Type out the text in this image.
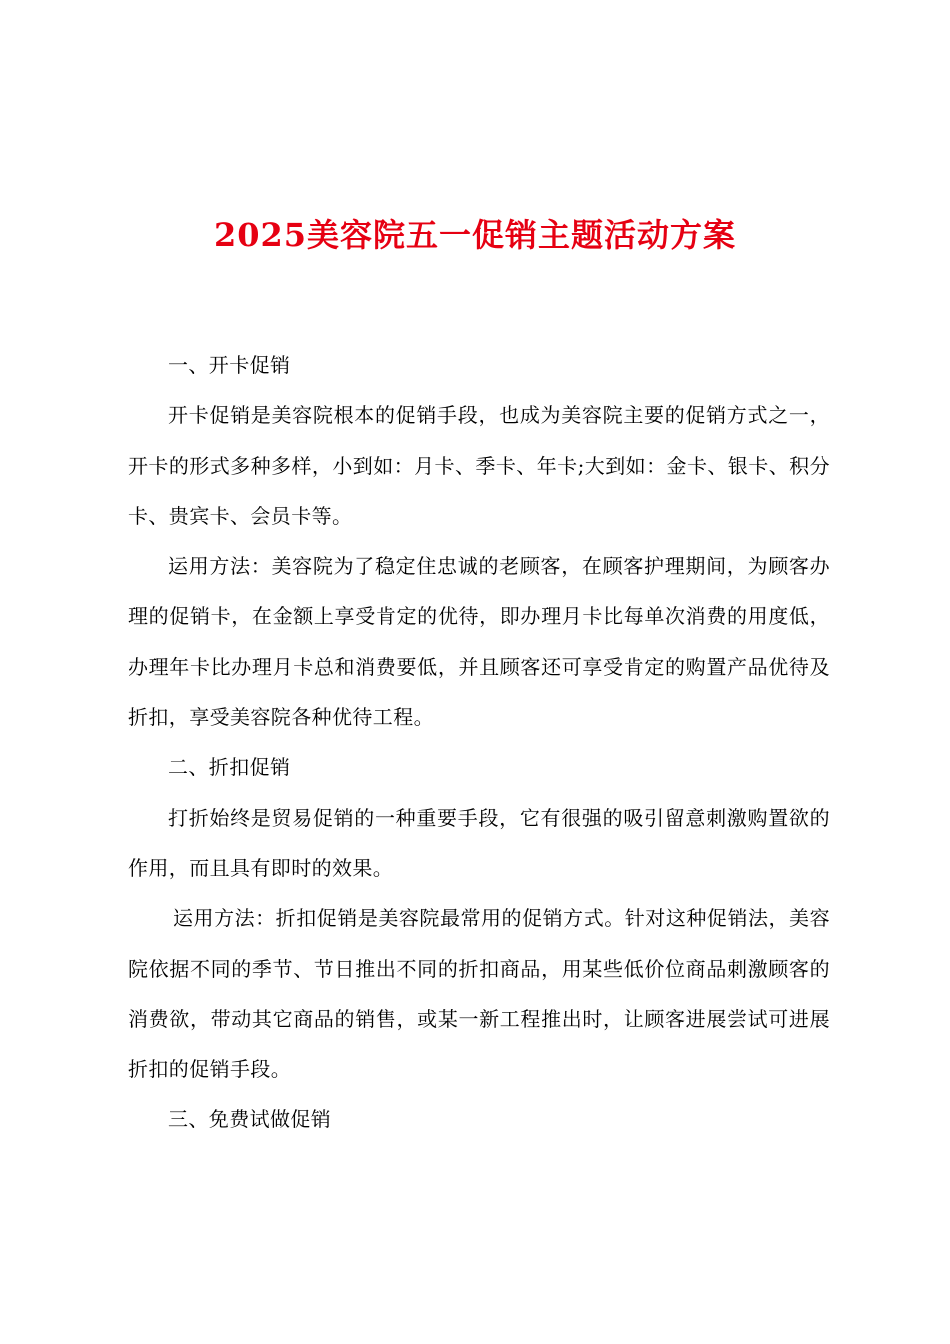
2025美容院五一促销主题活动方案

一、开卡促销

开卡促销是美容院根本的促销手段，也成为美容院主要的促销方式之一，开卡的形式多种多样，小到如：月卡、季卡、年卡;大到如：金卡、银卡、积分卡、贵宾卡、会员卡等。

运用方法：美容院为了稳定住忠诚的老顾客，在顾客护理期间，为顾客办理的促销卡，在金额上享受肯定的优待，即办理月卡比每单次消费的用度低，办理年卡比办理月卡总和消费要低，并且顾客还可享受肯定的购置产品优待及折扣，享受美容院各种优待工程。

二、折扣促销

打折始终是贸易促销的一种重要手段，它有很强的吸引留意刺激购置欲的作用，而且具有即时的效果。

运用方法：折扣促销是美容院最常用的促销方式。针对这种促销法，美容院依据不同的季节、节日推出不同的折扣商品，用某些低价位商品刺激顾客的消费欲，带动其它商品的销售，或某一新工程推出时，让顾客进展尝试可进展折扣的促销手段。

三、免费试做促销
